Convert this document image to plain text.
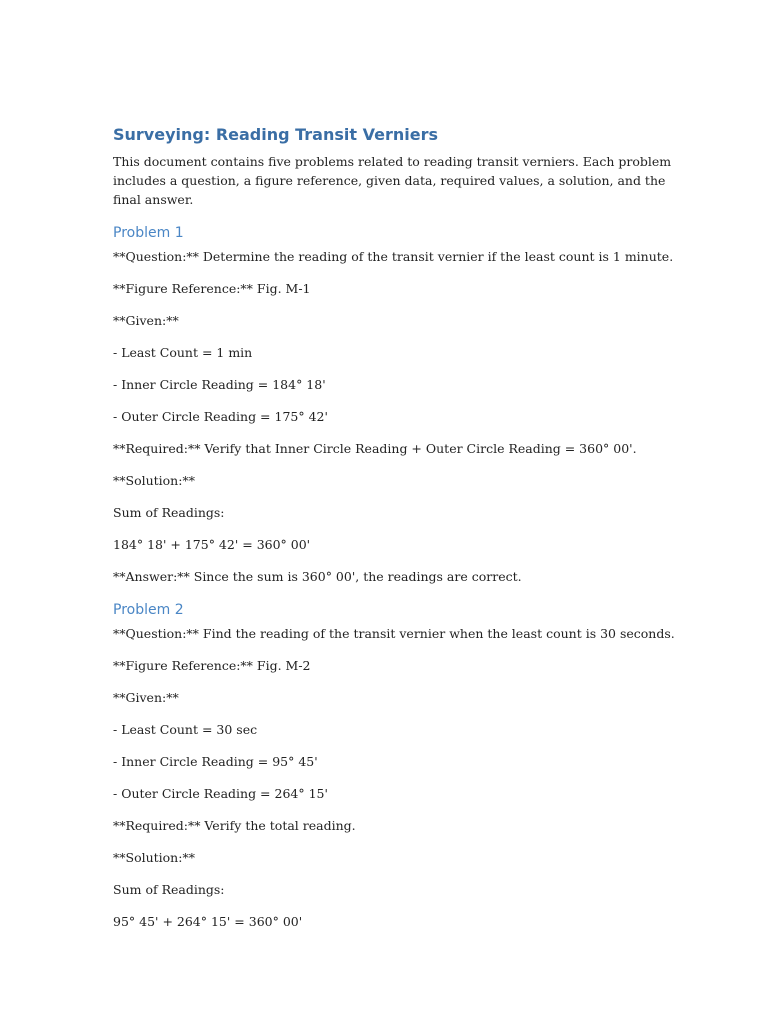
Surveying: Reading Transit Verniers

This document contains five problems related to reading transit verniers. Each problem includes a question, a figure reference, given data, required values, a solution, and the final answer.

Problem 1

**Question:** Determine the reading of the transit vernier if the least count is 1 minute.

**Figure Reference:** Fig. M-1

**Given:**

- Least Count = 1 min

- Inner Circle Reading = 184° 18'

- Outer Circle Reading = 175° 42'

**Required:** Verify that Inner Circle Reading + Outer Circle Reading = 360° 00'.

**Solution:**

Sum of Readings:

184° 18' + 175° 42' = 360° 00'

**Answer:** Since the sum is 360° 00', the readings are correct.

Problem 2

**Question:** Find the reading of the transit vernier when the least count is 30 seconds.

**Figure Reference:** Fig. M-2

**Given:**

- Least Count = 30 sec

- Inner Circle Reading = 95° 45'

- Outer Circle Reading = 264° 15'

**Required:** Verify the total reading.

**Solution:**

Sum of Readings:

95° 45' + 264° 15' = 360° 00'
